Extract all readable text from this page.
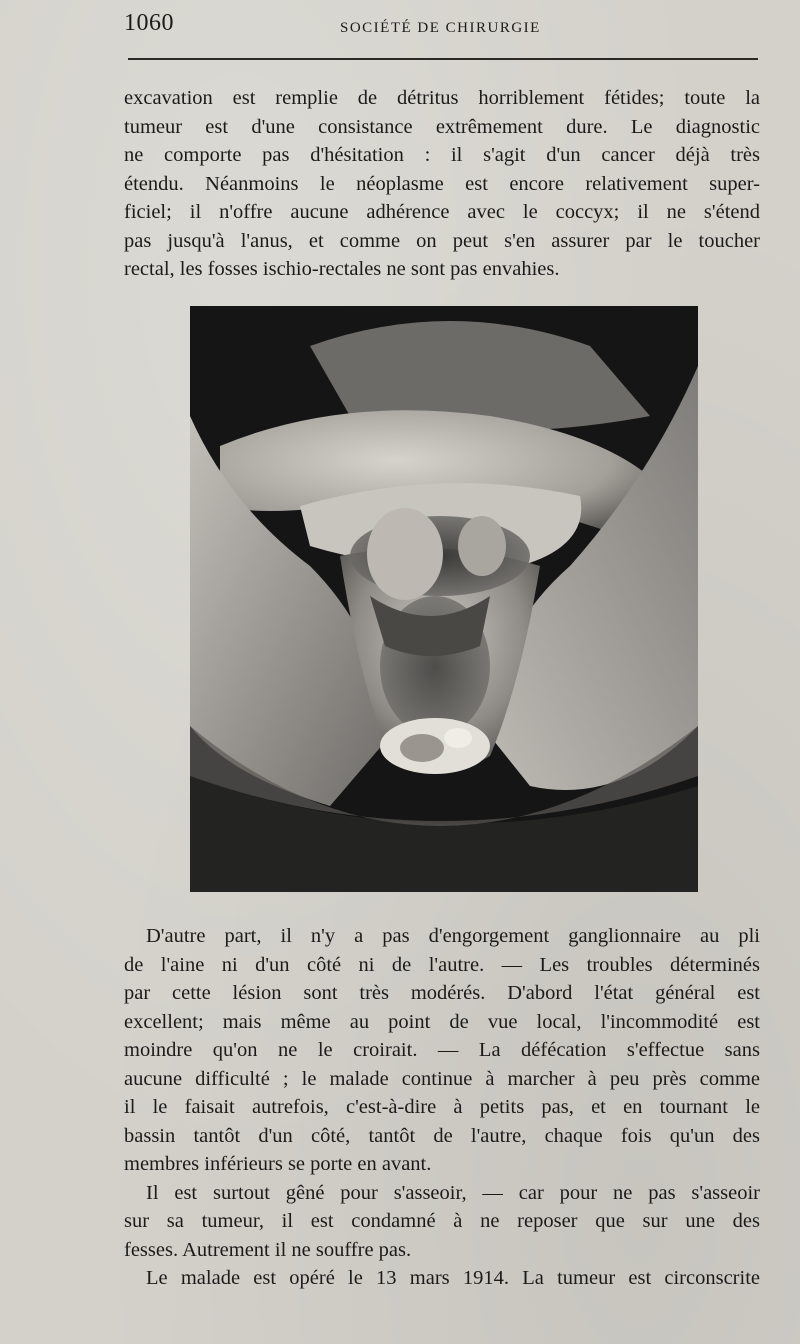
1060	SOCIÉTÉ DE CHIRURGIE
excavation est remplie de détritus horriblement fétides; toute la
tumeur est d'une consistance extrêmement dure. Le diagnostic
ne comporte pas d'hésitation : il s'agit d'un cancer déjà très
étendu. Néanmoins le néoplasme est encore relativement super-
ficiel; il n'offre aucune adhérence avec le coccyx; il ne s'étend
pas jusqu'à l'anus, et comme on peut s'en assurer par le toucher
rectal, les fosses ischio-rectales ne sont pas envahies.
D'autre part, il n'y a pas d'engorgement ganglionnaire au pli
de l'aine ni d'un côté ni de l'autre. — Les troubles déterminés
par cette lésion sont très modérés. D'abord l'état général est
excellent; mais même au point de vue local, l'incommodité est
moindre qu'on ne le croirait. — La défécation s'effectue sans
aucune difficulté ; le malade continue à marcher à peu près comme
il le faisait autrefois, c'est-à-dire à petits pas, et en tournant le
bassin tantôt d'un côté, tantôt de l'autre, chaque fois qu'un des
membres inférieurs se porte en avant.
Il est surtout gêné pour s'asseoir, — car pour ne pas s'asseoir
sur sa tumeur, il est condamné à ne reposer que sur une des
fesses. Autrement il ne souffre pas.
Le malade est opéré le 13 mars 1914. La tumeur est circonscrite
